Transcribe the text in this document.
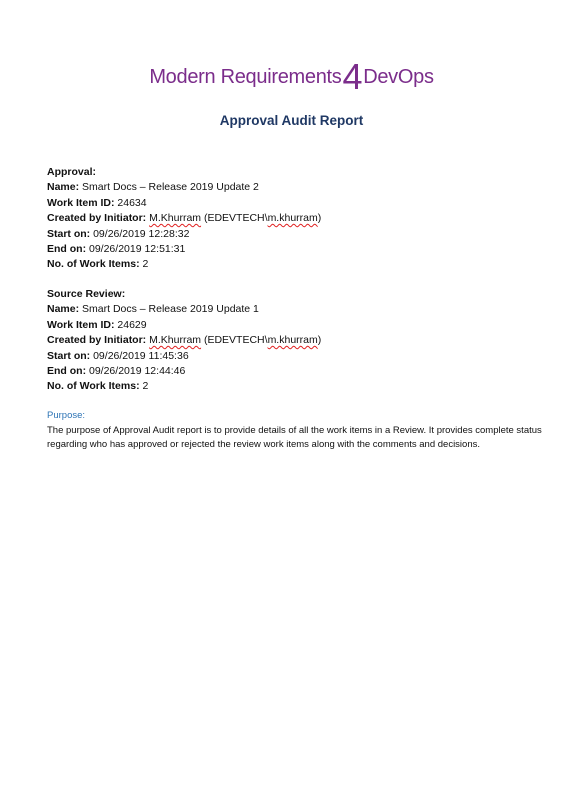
Modern Requirements4DevOps
Approval Audit Report
Approval:
Name: Smart Docs – Release 2019 Update 2
Work Item ID: 24634
Created by Initiator: M.Khurram (EDEVTECH\m.khurram)
Start on: 09/26/2019 12:28:32
End on: 09/26/2019 12:51:31
No. of Work Items: 2
Source Review:
Name: Smart Docs – Release 2019 Update 1
Work Item ID: 24629
Created by Initiator: M.Khurram (EDEVTECH\m.khurram)
Start on: 09/26/2019 11:45:36
End on: 09/26/2019 12:44:46
No. of Work Items: 2
Purpose:
The purpose of Approval Audit report is to provide details of all the work items in a Review. It provides complete status regarding who has approved or rejected the review work items along with the comments and decisions.
